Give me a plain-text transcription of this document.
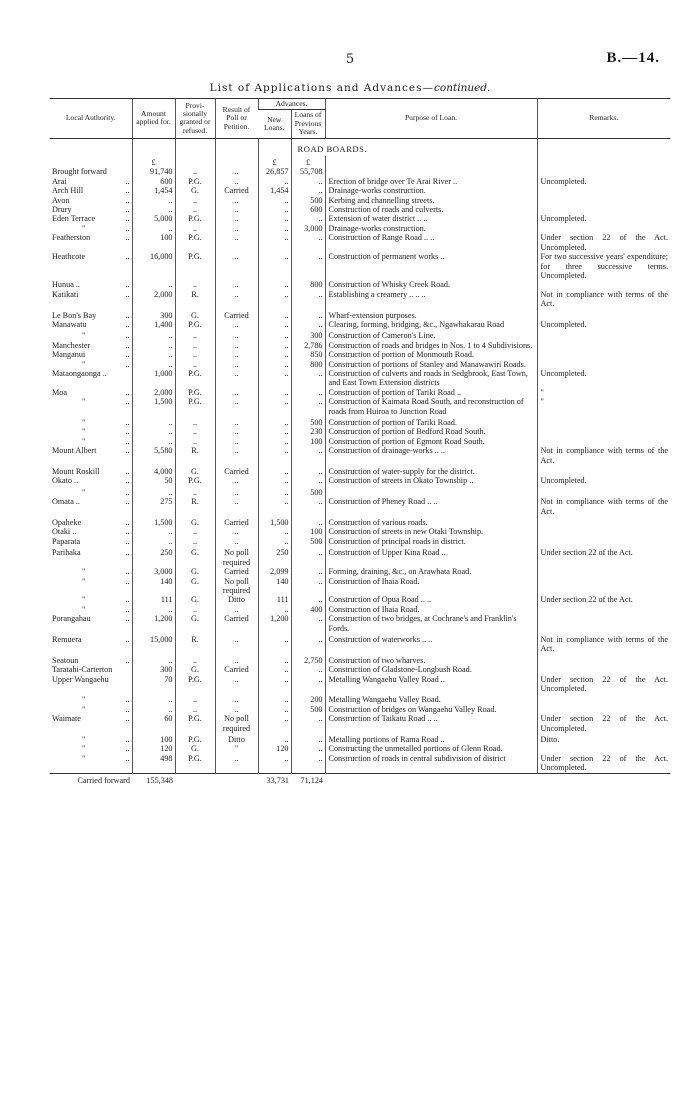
5	B.—14.
List of Applications and Advances—continued.
Local Authority.	Amount applied for.	Provi- sionally granted or refused.	Result of Poll or Petition.	Advances.		Purpose of Loan.	Remarks.
				New Loans.	Loans of Previous Years.		
					ROAD BOARDS.		
	£			£	£		
Brought forward	91,740	..	..	26,857	55,708		
Arai ..	600	P.G.	..	..	..	Erection of bridge over Te Arai River ..	Uncompleted.
Arch Hill ..	1,454	G.	Carried	1,454	..	Drainage-works construction.	
Avon ..	..	..	..	..	500	Kerbing and channelling streets.	
Drury ..	..	..	..	..	600	Construction of roads and culverts.	
Eden Terrace ..	5,000	P.G.	..	..	..	Extension of water district .. ..	Uncompleted.
" ..	..	..	..	..	3,000	Drainage-works construction.	
Featherston ..	100	P.G.	..	..	..	Construction of Range Road .. ..	Under section 22 of the Act. Uncompleted.
Heathcote ..	16,000	P.G.	..	..	..	Construction of permanent works ..	For two successive years' expenditure; for three successive terms. Uncompleted.
Hunua .. ..	..	..	..	..	800	Construction of Whisky Creek Road.	
Katikati ..	2,000	R.	..	..	..	Establishing a creamery .. .. ..	Not in compliance with terms of the Act.

Le Bon's Bay ..	300	G.	Carried	..	..	Wharf-extension purposes.	
Manawatu ..	1,400	P.G.	..	..	..	Clearing, forming, bridging, &c., Ngawhakarau Road	Uncompleted.

" ..	..	..	..	..	300	Construction of Cameron's Line.	
Manchester ..	..	..	..	..	2,786	Construction of roads and bridges in Nos. 1 to 4 Subdivisions.	
Manganui ..	..	..	..	..	850	Construction of portion of Monmouth Road.	
" ..	..	..	..	..	800	Construction of portions of Stanley and Manawawiri Roads.	
Mataongaonga ..	1,000	P.G.	..	..	..	Construction of culverts and roads in Sedgbrook, East Town, and East Town Extension districts	Uncompleted.
Moa ..	2,000	P.G.	..	..	..	Construction of portion of Tariki Road ..	"
" ..	1,500	P.G.	..	..	..	Construction of Kaimata Road South, and reconstruction of roads from Huiroa to Junction Road	"

" ..	..	..	..	..	500	Construction of portion of Tariki Road.	
" ..	..	..	..	..	230	Construction of portion of Bedford Road South.	
" ..	..	..	..	..	100	Construction of portion of Egmont Road South.	
Mount Albert ..	5,580	R.	..	..	..	Construction of drainage-works .. ..	Not in compliance with terms of the Act.

Mount Roskill ..	4,000	G.	Carried	..	..	Construction of water-supply for the district.	
Okato .. ..	50	P.G.	..	..	..	Construction of streets in Okato Township ..	Uncompleted.

" ..	..	..	..	..	500		
Omata .. ..	275	R.	..	..	..	Construction of Pheney Road .. ..	Not in compliance with terms of the Act.

Opaheke ..	1,500	G.	Carried	1,500	..	Construction of various roads.	
Otaki .. ..	..	..	..	..	100	Construction of streets in new Otaki Township.	
Paparata ..	..	..	..	..	500	Construction of principal roads in district.	

Parihaka ..	250	G.	No poll required	250	..	Construction of Upper Kina Road ..	Under section 22 of the Act.
" ..	3,000	G.	Carried	2,099	..	Forming, draining, &c., on Arawhata Road.	
" ..	140	G.	No poll required	140	..	Construction of Ihaia Road.	
" ..	111	G.	Ditto	111	..	Construction of Opua Road .. ..	Under section 22 of the Act.
" ..	..	..	..	..	400	Construction of Ihaia Road.	
Porangahau ..	1,200	G.	Carried	1,200	..	Construction of two bridges, at Cochrane's and Franklin's Fords.	

Remuera ..	15,000	R.	..	..	..	Construction of waterworks .. ..	Not in compliance with terms of the Act.

Seatoun ..	..	..	..	..	2,750	Construction of two wharves.	
Taratahi-Carterton	300	G.	Carried	..	..	Construction of Gladstone-Longbush Road.	
Upper Wangaehu	70	P.G.	..	..	..	Metalling Wangaehu Valley Road ..	Under section 22 of the Act. Uncompleted.

" ..	..	..	..	..	200	Metalling Wangaehu Valley Road.	
" ..	..	..	..	..	500	Construction of bridges on Wangaehu Valley Road.	
Waimate ..	60	P.G.	No poll required	..	..	Construction of Taikatu Road .. ..	Under section 22 of the Act. Uncompleted.

" ..	100	P.G.	Ditto	..	..	Metalling portions of Rama Road ..	Ditto.
" ..	120	G.	"	120	..	Constructing the unmetalled portions of Glenn Road.	
" ..	498	P.G.	..	..	..	Construction of roads in central subdivision of district	Under section 22 of the Act. Uncompleted.
Carried forward	155,348			33,731	71,124		
